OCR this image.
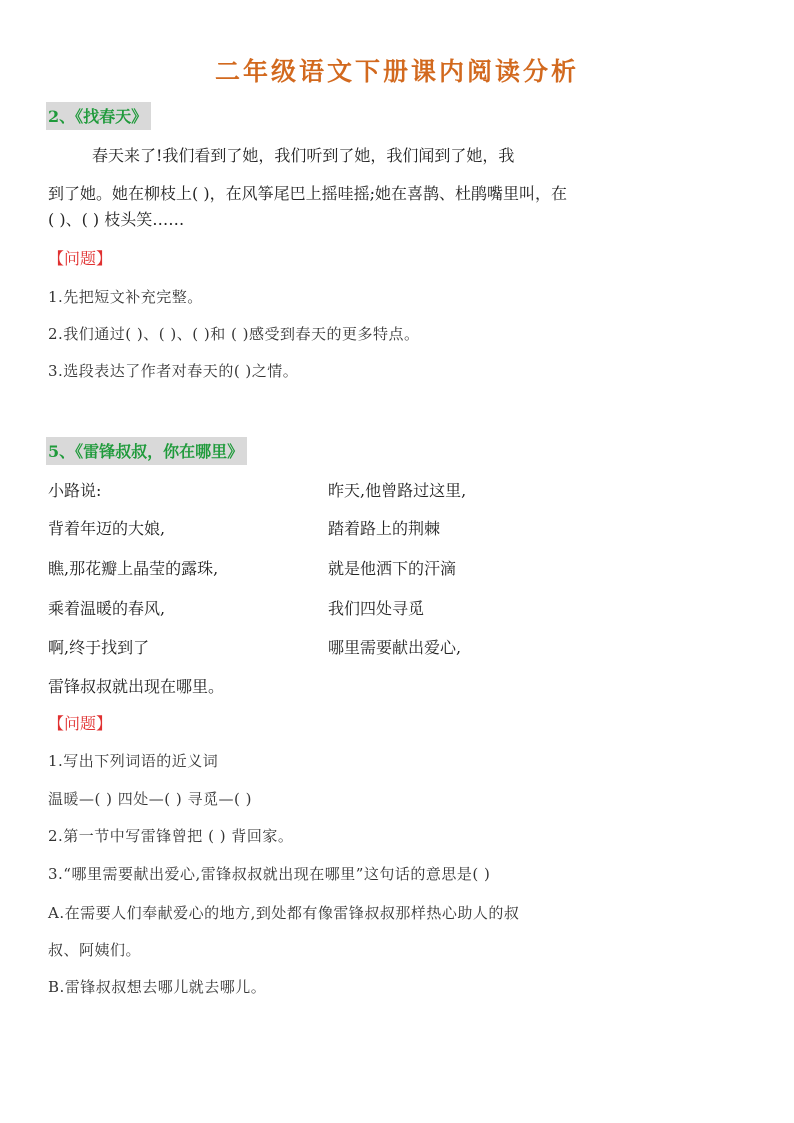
二年级语文下册课内阅读分析
2、《找春天》
春天来了!我们看到了她，我们听到了她，我们闻到了她，我
到了她。她在柳枝上( )，在风筝尾巴上摇哇摇;她在喜鹊、杜鹃嘴里叫，在
( )、( ) 枝头笑……
【问题】
1.先把短文补充完整。
2.我们通过( )、( )、( )和 ( )感受到春天的更多特点。
3.选段表达了作者对春天的( )之情。
5、《雷锋叔叔，你在哪里》
小路说:
背着年迈的大娘,
瞧,那花瓣上晶莹的露珠,
乘着温暖的春风,
啊,终于找到了
昨天,他曾路过这里,
踏着路上的荆棘
就是他洒下的汗滴
我们四处寻觅
哪里需要献出爱心,
雷锋叔叔就出现在哪里。
【问题】
1.写出下列词语的近义词
温暖—( ) 四处—( ) 寻觅—( )
2.第一节中写雷锋曾把 ( ) 背回家。
3.“哪里需要献出爱心,雷锋叔叔就出现在哪里”这句话的意思是( )
A.在需要人们奉献爱心的地方,到处都有像雷锋叔叔那样热心助人的叔
叔、阿姨们。
B.雷锋叔叔想去哪儿就去哪儿。
